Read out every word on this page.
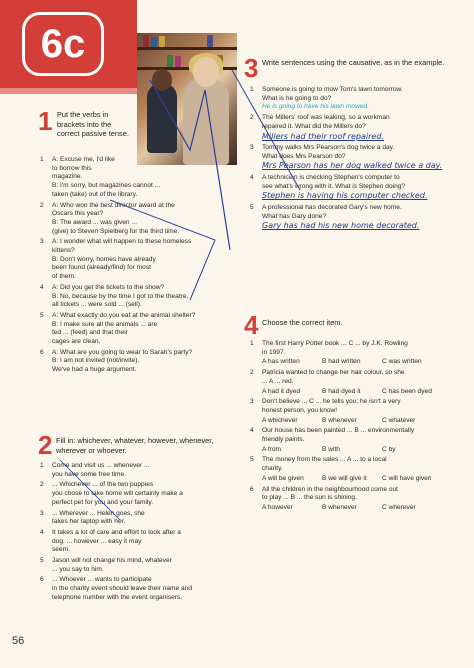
6c
1 Put the verbs in brackets into the correct passive tense.
1 A: Excuse me, I'd like
to borrow this
magazine.
B: I'm sorry, but magazines cannot ...
taken (take) out of the library.
2 A: Who won the best director award at the
Oscars this year?
B: The award ... was given ...
(give) to Steven Spielberg for the third time.
3 A: I wonder what will happen to these homeless
kittens?
B: Don't worry, homes have already
been found (already/find) for most
of them.
4 A: Did you get the tickets to the show?
B: No, because by the time I got to the theatre,
all tickets ... were sold ... (sell).
5 A: What exactly do you eat at the animal shelter?
B: I make sure all the animals ... are
fed ... (feed) and that their
cages are clean.
6 A: What are you going to wear to Sarah's party?
B: I am not invited (not/invite).
We've had a huge argument.
2 Fill in: whichever, whatever, however, whenever, wherever or whoever.
1 Come and visit us ... whenever ...
you have some free time.
2 ... Whichever ... of the two puppies
you chose to take home will certainly make a
perfect pet for you and your family.
3 ... Wherever ... Helen goes, she
takes her laptop with her.
4 It takes a lot of care and effort to look after a
dog. ... however ... easy it may
seem.
5 Jason will not change his mind, whatever
... you say to him.
6 ... Whoever ... wants to participate
in the charity event should leave their name and
telephone number with the event organisers.
3 Write sentences using the causative, as in the example.
1 Someone is going to mow Tom's lawn tomorrow.
What is he going to do?
He is going to have his lawn mowed.
2 The Millers' roof was leaking, so a workman
repaired it. What did the Millers do?
Millers had their roof repaired.
3 Tommy walks Mrs Pearson's dog twice a day.
What does Mrs Pearson do?
Mrs Pearson has her dog walked twice a day.
4 A technician is checking Stephen's computer to
see what's wrong with it. What is Stephen doing?
Stephen is having his computer checked.
5 A professional has decorated Gary's new home.
What has Gary done?
Gary has had his new home decorated.
4 Choose the correct item.
1 The first Harry Potter book ... C ... by J.K. Rowling
in 1997.
A has written	B had written	C was written
2 Patricia wanted to change her hair colour, so she
... A ... red.
A had it dyed	B had dyed it	C has been dyed
3 Don't believe ... C ... he tells you; he isn't a very
honest person, you know!
A whichever	B whenever	C whatever
4 Our house has been painted ... B ... environmentally
friendly paints.
A from	B with	C by
5 The money from the sales ... A ... to a local
charity.
A will be given	B we will give it	C will have given
6 All the children in the neighbourhood come out
to play ... B ... the sun is shining.
A however	B whenever	C wherever
56
